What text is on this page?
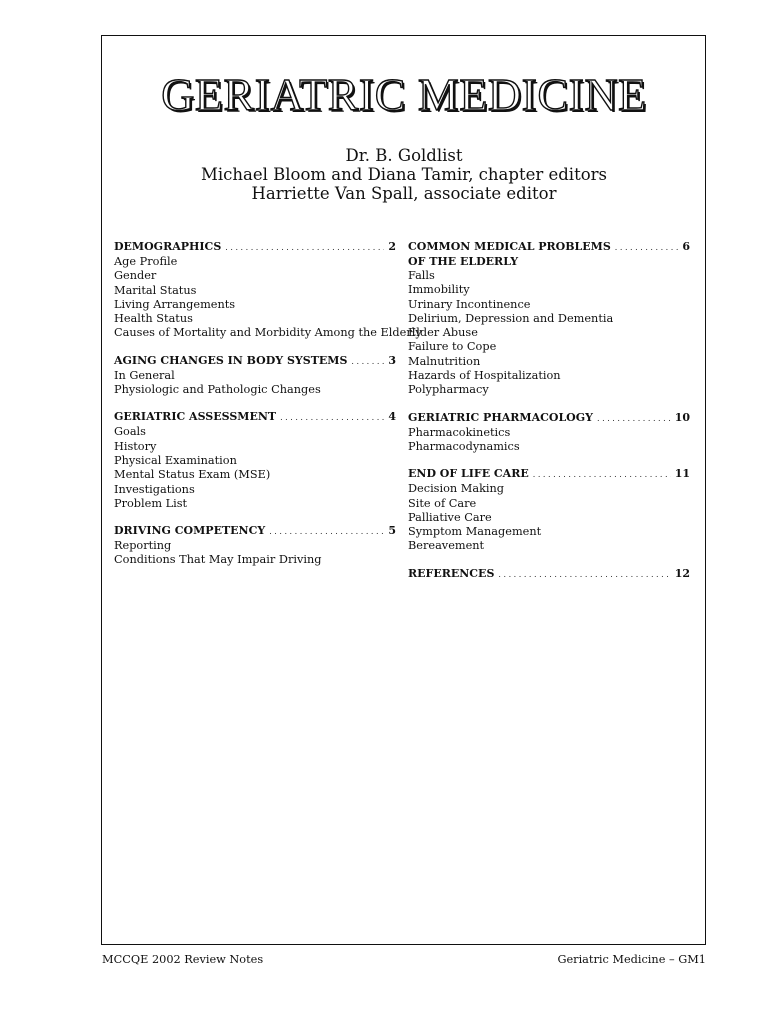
GERIATRIC MEDICINE
Dr. B. Goldlist
Michael Bloom and Diana Tamir, chapter editors
Harriette Van Spall, associate editor
DEMOGRAPHICS . . .	2
Age Profile
Gender
Marital Status
Living Arrangements
Health Status
Causes of Mortality and Morbidity Among the Elderly
AGING CHANGES IN BODY SYSTEMS . . .	3
In General
Physiologic and Pathologic Changes
GERIATRIC ASSESSMENT . . .	4
Goals
History
Physical Examination
Mental Status Exam (MSE)
Investigations
Problem List
DRIVING COMPETENCY . . .	5
Reporting
Conditions That May Impair Driving
COMMON MEDICAL PROBLEMS . . .	6
OF THE ELDERLY
Falls
Immobility
Urinary Incontinence
Delirium, Depression and Dementia
Elder Abuse
Failure to Cope
Malnutrition
Hazards of Hospitalization
Polypharmacy
GERIATRIC PHARMACOLOGY . . .	10
Pharmacokinetics
Pharmacodynamics
END OF LIFE CARE . . .	11
Decision Making
Site of Care
Palliative Care
Symptom Management
Bereavement
REFERENCES . . .	12
MCCQE 2002 Review Notes	Geriatric Medicine – GM1
